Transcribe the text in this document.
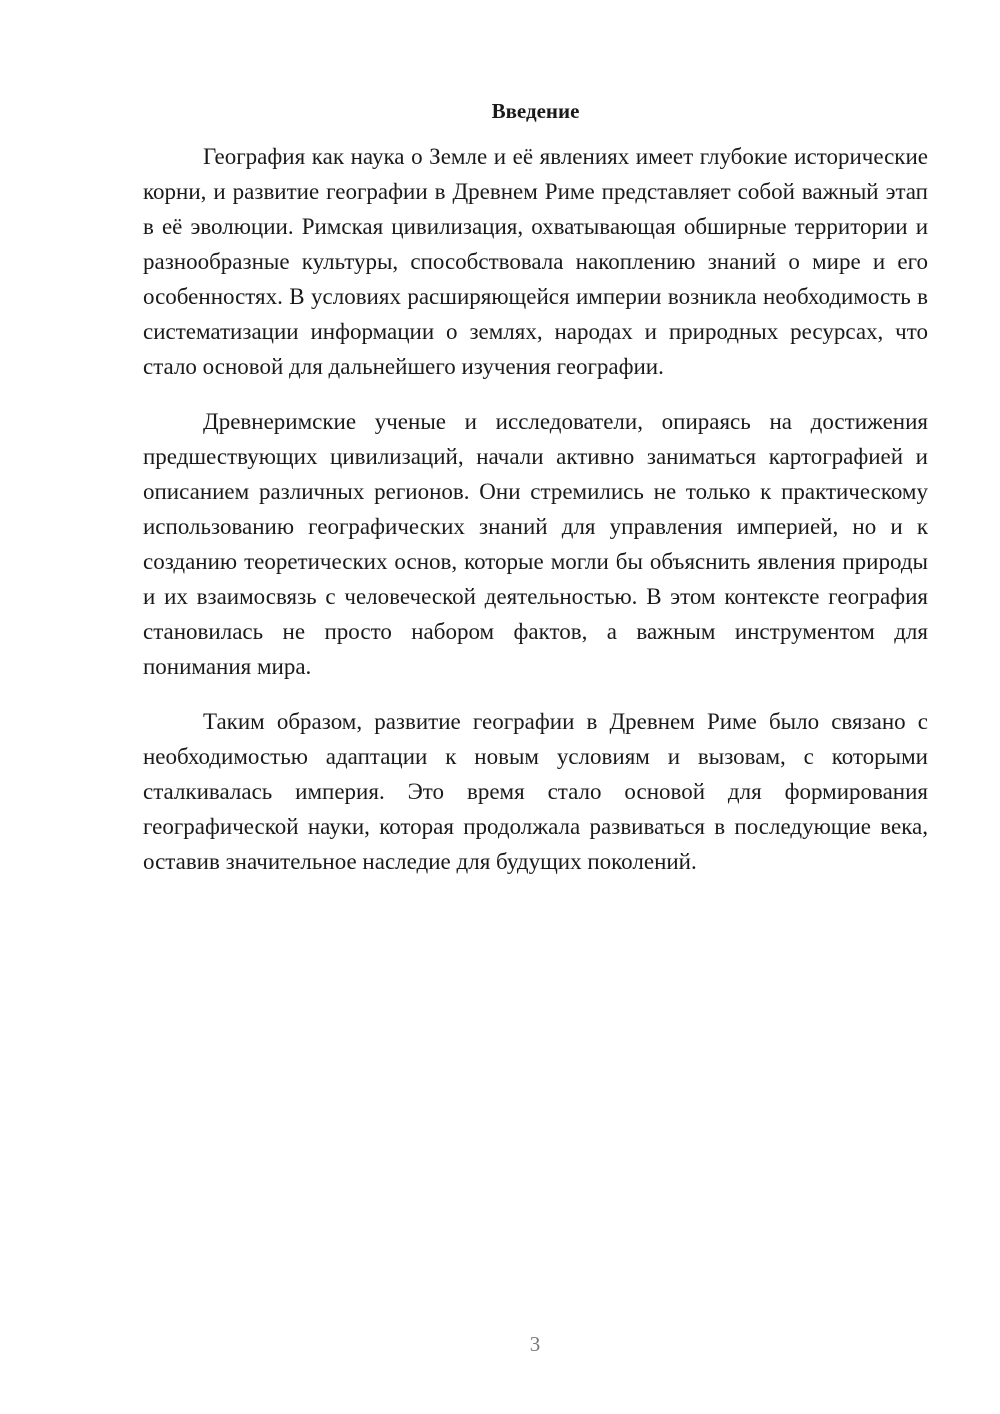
Введение

География как наука о Земле и её явлениях имеет глубокие исторические корни, и развитие географии в Древнем Риме представляет собой важный этап в её эволюции. Римская цивилизация, охватывающая обширные территории и разнообразные культуры, способствовала накоплению знаний о мире и его особенностях. В условиях расширяющейся империи возникла необходимость в систематизации информации о землях, народах и природных ресурсах, что стало основой для дальнейшего изучения географии.

Древнеримские ученые и исследователи, опираясь на достижения предшествующих цивилизаций, начали активно заниматься картографией и описанием различных регионов. Они стремились не только к практическому использованию географических знаний для управления империей, но и к созданию теоретических основ, которые могли бы объяснить явления природы и их взаимосвязь с человеческой деятельностью. В этом контексте география становилась не просто набором фактов, а важным инструментом для понимания мира.

Таким образом, развитие географии в Древнем Риме было связано с необходимостью адаптации к новым условиям и вызовам, с которыми сталкивалась империя. Это время стало основой для формирования географической науки, которая продолжала развиваться в последующие века, оставив значительное наследие для будущих поколений.

3
